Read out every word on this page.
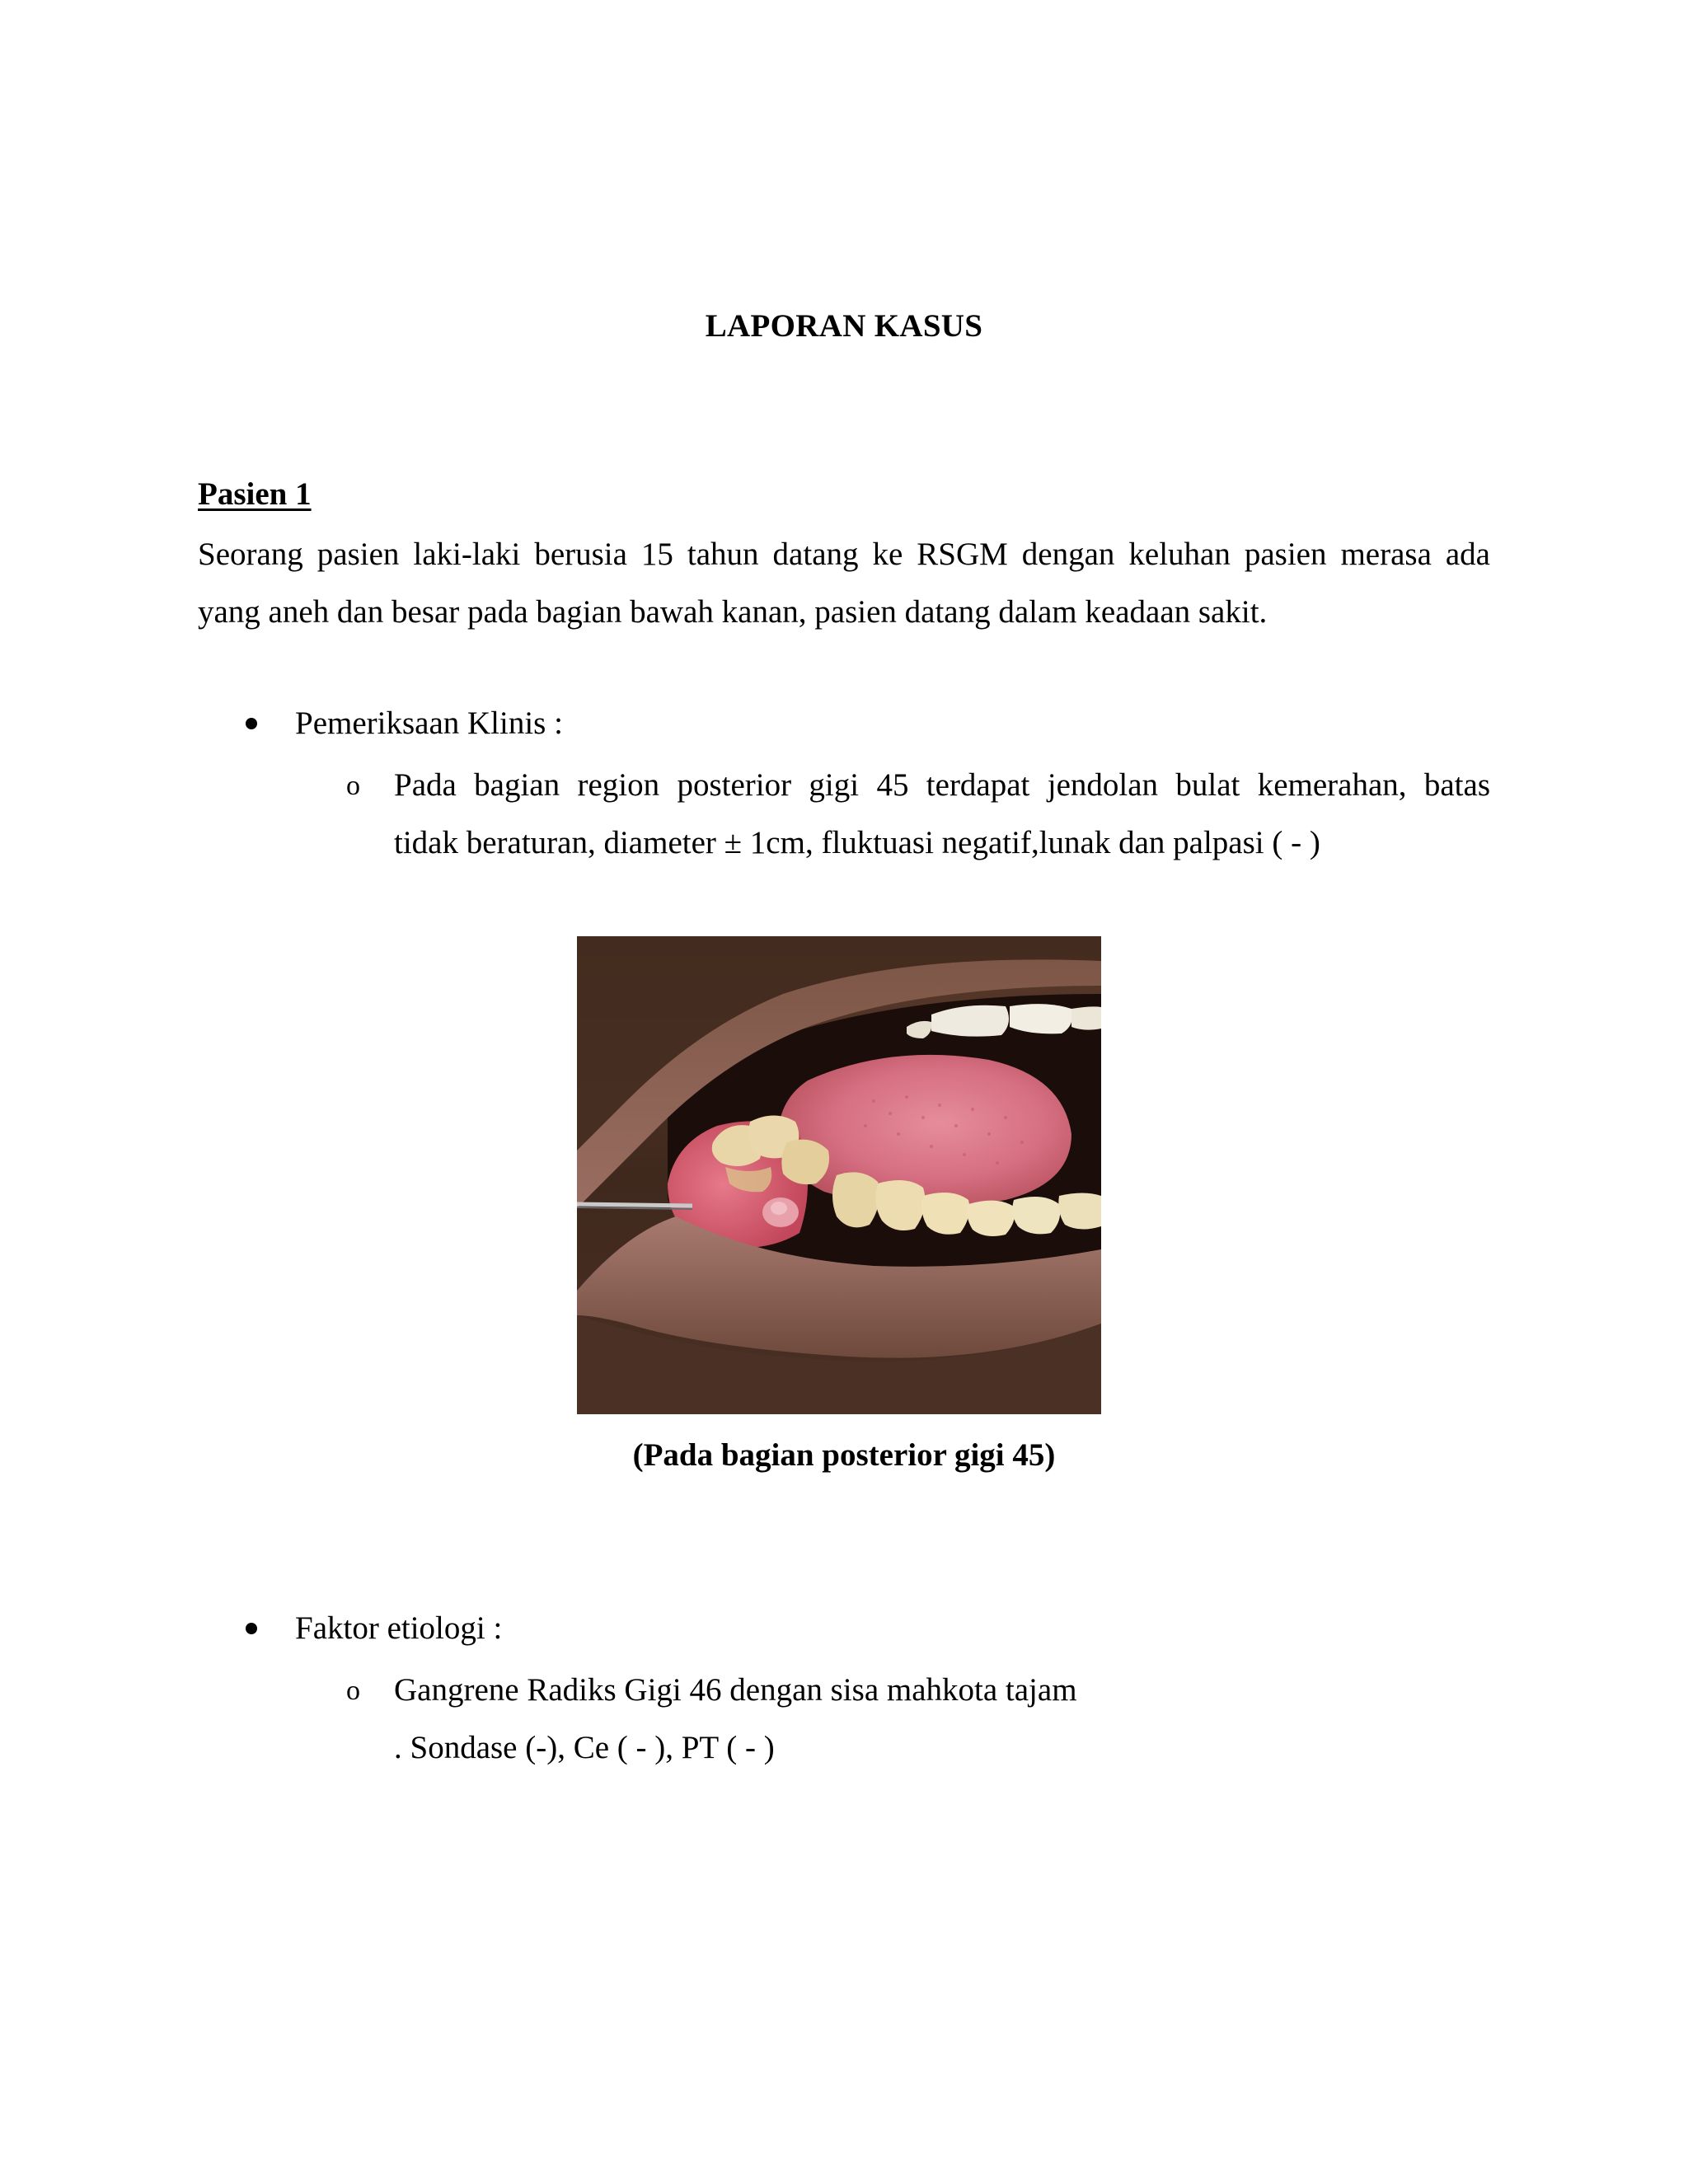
LAPORAN KASUS
Pasien 1
Seorang pasien laki-laki berusia 15 tahun datang ke RSGM dengan keluhan pasien merasa ada
yang aneh dan besar pada bagian bawah kanan, pasien datang dalam keadaan sakit.
Pemeriksaan Klinis :
o Pada bagian region posterior gigi 45 terdapat jendolan bulat kemerahan, batas
tidak beraturan, diameter ± 1cm, fluktuasi negatif,lunak dan palpasi ( - )
(Pada bagian posterior gigi 45)
Faktor etiologi :
o Gangrene Radiks Gigi 46 dengan sisa mahkota tajam
. Sondase (-), Ce ( - ), PT ( - )
